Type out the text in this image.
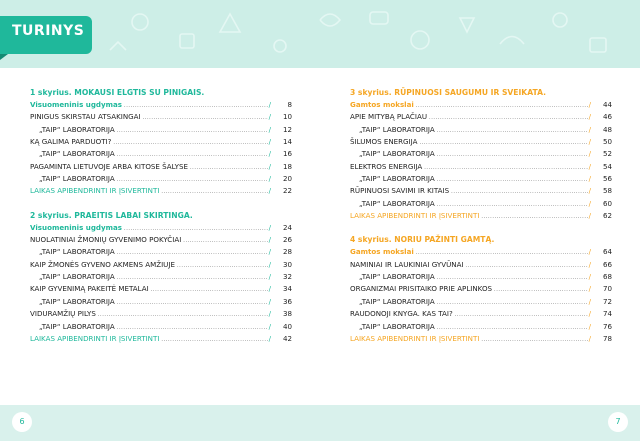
TURINYS
1 skyrius. MOKAUSI ELGTIS SU PINIGAIS.
Visuomeninis ugdymas .....	/	8
PINIGUS SKIRSTAU ATSAKINGAI .....	/	10
„TAIP“ LABORATORIJA .....	/	12
KĄ GALIMA PARDUOTI? .....	/	14
„TAIP“ LABORATORIJA .....	/	16
PAGAMINTA LIETUVOJE ARBA KITOSE ŠALYSE .....	/	18
„TAIP“ LABORATORIJA .....	/	20
LAIKAS APIBENDRINTI IR ĮSIVERTINTI .....	/	22
2 skyrius. PRAEITIS LABAI SKIRTINGA.
Visuomeninis ugdymas .....	/	24
NUOLATINIAI ŽMONIŲ GYVENIMO POKYČIAI .....	/	26
„TAIP“ LABORATORIJA .....	/	28
KAIP ŽMONĖS GYVENO AKMENS AMŽIUJE .....	/	30
„TAIP“ LABORATORIJA .....	/	32
KAIP GYVENIMĄ PAKEITĖ METALAI .....	/	34
„TAIP“ LABORATORIJA .....	/	36
VIDURAMŽIŲ PILYS .....	/	38
„TAIP“ LABORATORIJA .....	/	40
LAIKAS APIBENDRINTI IR ĮSIVERTINTI .....	/	42
3 skyrius. RŪPINUOSI SAUGUMU IR SVEIKATA.
Gamtos mokslai .....	/	44
APIE MITYBĄ PLAČIAU .....	/	46
„TAIP“ LABORATORIJA .....	/	48
ŠILUMOS ENERGIJA .....	/	50
„TAIP“ LABORATORIJA .....	/	52
ELEKTROS ENERGIJA .....	/	54
„TAIP“ LABORATORIJA .....	/	56
RŪPINUOSI SAVIMI IR KITAIS .....	/	58
„TAIP“ LABORATORIJA .....	/	60
LAIKAS APIBENDRINTI IR ĮSIVERTINTI .....	/	62
4 skyrius. NORIU PAŽINTI GAMTĄ.
Gamtos mokslai .....	/	64
NAMINIAI IR LAUKINIAI GYVŪNAI .....	/	66
„TAIP“ LABORATORIJA .....	/	68
ORGANIZMAI PRISITAIKO PRIE APLINKOS .....	/	70
„TAIP“ LABORATORIJA .....	/	72
RAUDONOJI KNYGA. KAS TAI? .....	/	74
„TAIP“ LABORATORIJA .....	/	76
LAIKAS APIBENDRINTI IR ĮSIVERTINTI .....	/	78
6	7
